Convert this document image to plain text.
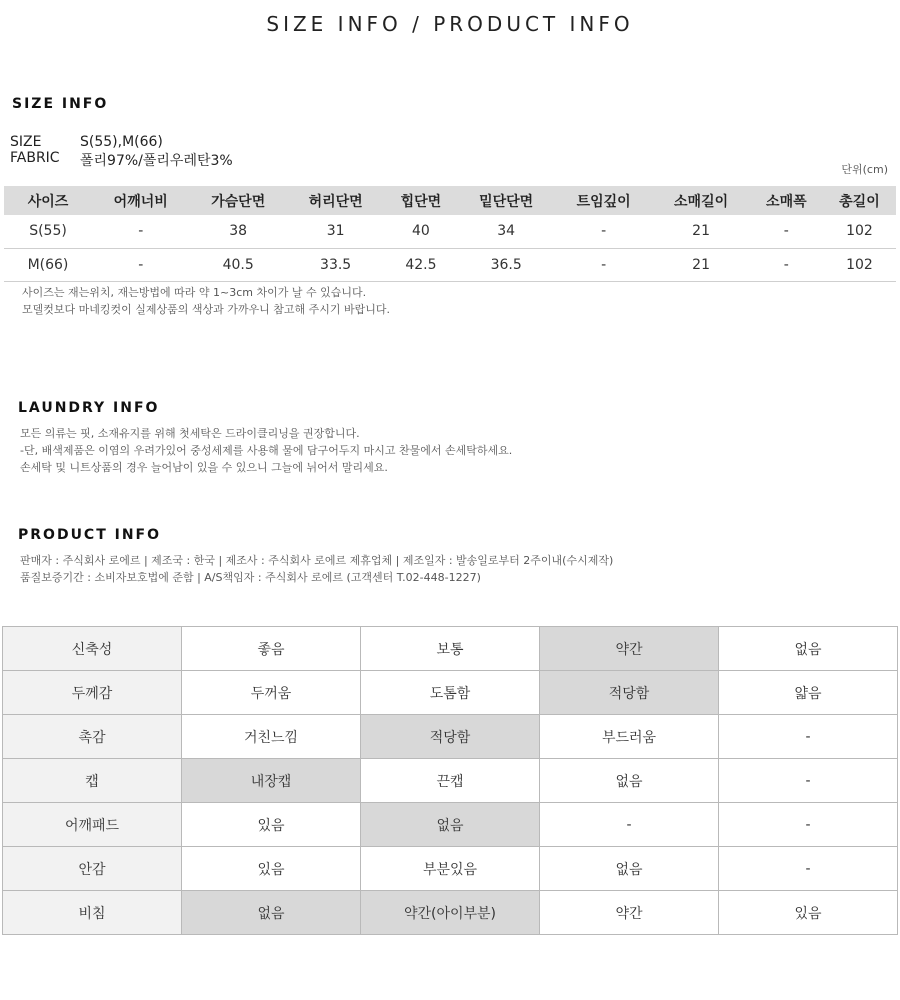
SIZE INFO / PRODUCT INFO
SIZE INFO
SIZE	S(55),M(66)
FABRIC	폴리97%/폴리우레탄3%
단위(cm)
사이즈	어깨너비	가슴단면	허리단면	힙단면	밑단단면	트임깊이	소매길이	소매폭	총길이
S(55)	-	38	31	40	34	-	21	-	102
M(66)	-	40.5	33.5	42.5	36.5	-	21	-	102
사이즈는 재는위치, 재는방법에 따라 약 1~3cm 차이가 날 수 있습니다.
모델컷보다 마네킹컷이 실제상품의 색상과 가까우니 참고해 주시기 바랍니다.
LAUNDRY INFO
모든 의류는 핏, 소재유지를 위해 첫세탁은 드라이클리닝을 권장합니다.
-단, 배색제품은 이염의 우려가있어 중성세제를 사용해 물에 담구어두지 마시고 찬물에서 손세탁하세요.
손세탁 및 니트상품의 경우 늘어남이 있을 수 있으니 그늘에 뉘어서 말리세요.
PRODUCT INFO
판매자 : 주식회사 로에르 | 제조국 : 한국 | 제조사 : 주식회사 로에르 제휴업체 | 제조일자 : 발송일로부터 2주이내(수시제작)
품질보증기간 : 소비자보호법에 준함 | A/S책임자 : 주식회사 로에르 (고객센터 T.02-448-1227)
신축성	좋음	보통	약간	없음
두께감	두꺼움	도톰함	적당함	얇음
촉감	거친느낌	적당함	부드러움	-
캡	내장캡	끈캡	없음	-
어깨패드	있음	없음	-	-
안감	있음	부분있음	없음	-
비침	없음	약간(아이부분)	약간	있음
